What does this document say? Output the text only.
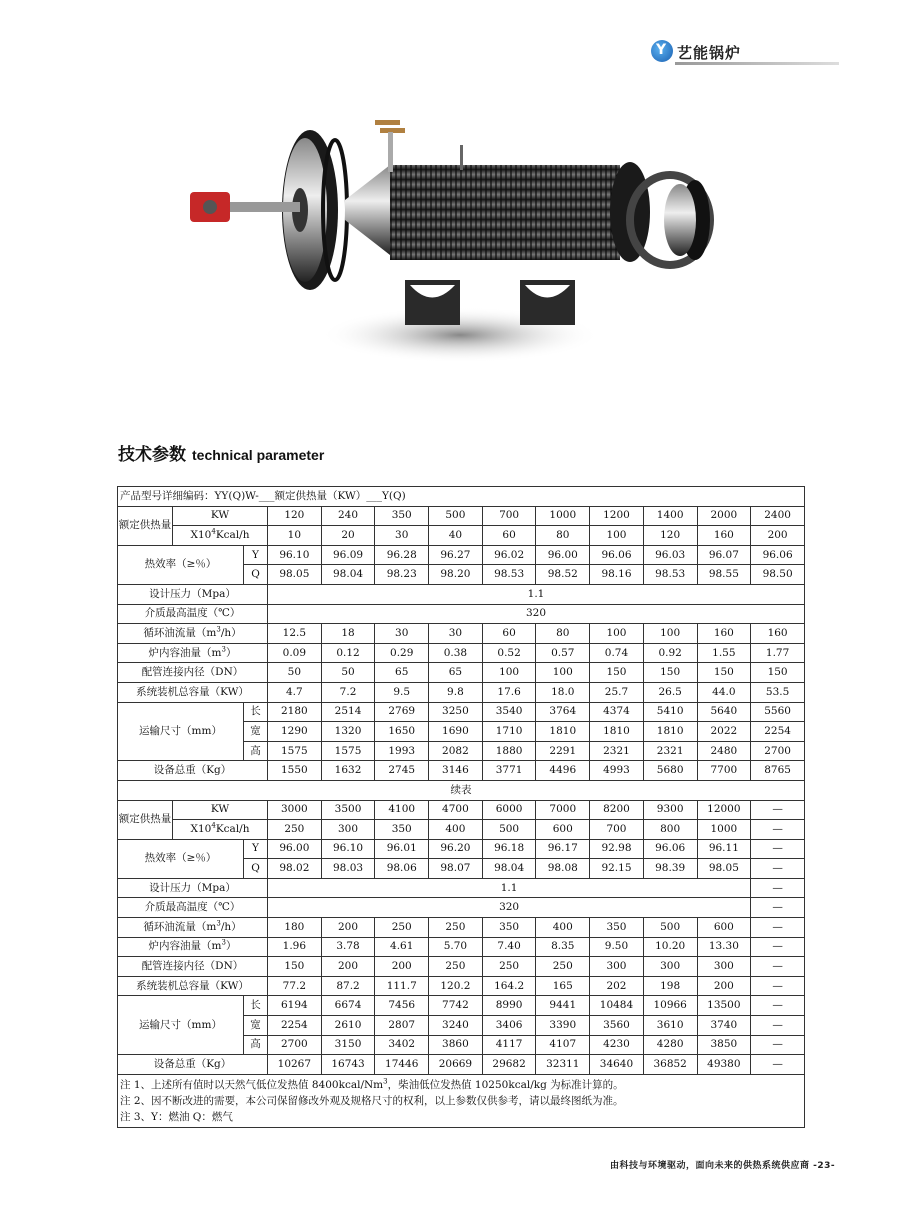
Y 艺能锅炉
技术参数 technical parameter
产品型号详细编码：YY(Q)W-___额定供热量（KW）___Y(Q)												
额定供热量	KW		120	240	350	500	700	1000	1200	1400	2000	2400
	$X10^4Kcal/h$		10	20	30	40	60	80	100	120	160	200
热效率（≥％）		Y	96.10	96.09	96.28	96.27	96.02	96.00	96.06	96.03	96.07	96.06
		Q	98.05	98.04	98.23	98.20	98.53	98.52	98.16	98.53	98.55	98.50
设计压力（Mpa）			1.1									
介质最高温度（℃）			320									
循环油流量$(m^3/h)$			12.5	18	30	30	60	80	100	100	160	160
炉内容油量$(m^3)$			0.09	0.12	0.29	0.38	0.52	0.57	0.74	0.92	1.55	1.77
配管连接内径（DN）			50	50	65	65	100	100	150	150	150	150
系统装机总容量（KW）			4.7	7.2	9.5	9.8	17.6	18.0	25.7	26.5	44.0	53.5
运输尺寸（mm）		长	2180	2514	2769	3250	3540	3764	4374	5410	5640	5560
		宽	1290	1320	1650	1690	1710	1810	1810	1810	2022	2254
		高	1575	1575	1993	2082	1880	2291	2321	2321	2480	2700
设备总重（Kg）			1550	1632	2745	3146	3771	4496	4993	5680	7700	8765
续表												
额定供热量	KW		3000	3500	4100	4700	6000	7000	8200	9300	12000	—
	$X10^4Kcal/h$		250	300	350	400	500	600	700	800	1000	—
热效率（≥％）		Y	96.00	96.10	96.01	96.20	96.18	96.17	92.98	96.06	96.11	—
		Q	98.02	98.03	98.06	98.07	98.04	98.08	92.15	98.39	98.05	—
设计压力（Mpa）			1.1									—
介质最高温度（℃）			320									—
循环油流量$(m^3/h)$			180	200	250	250	350	400	350	500	600	—
炉内容油量$(m^3)$			1.96	3.78	4.61	5.70	7.40	8.35	9.50	10.20	13.30	—
配管连接内径（DN）			150	200	200	250	250	250	300	300	300	—
系统装机总容量（KW）			77.2	87.2	111.7	120.2	164.2	165	202	198	200	—
运输尺寸（mm）		长	6194	6674	7456	7742	8990	9441	10484	10966	13500	—
		宽	2254	2610	2807	3240	3406	3390	3560	3610	3740	—
		高	2700	3150	3402	3860	4117	4107	4230	4280	3850	—
设备总重（Kg）			10267	16743	17446	20669	29682	32311	34640	36852	49380	—

注 1、上述所有值时以天然气低位发热值 8400kcal/Nm$^3$，柴油低位发热值 10250kcal/kg 为标准计算的。
注 2、因不断改进的需要，本公司保留修改外观及规格尺寸的权利，以上参数仅供参考，请以最终图纸为准。
注 3、Y：燃油 Q：燃气												
由科技与环境驱动，面向未来的供热系统供应商 -23-
